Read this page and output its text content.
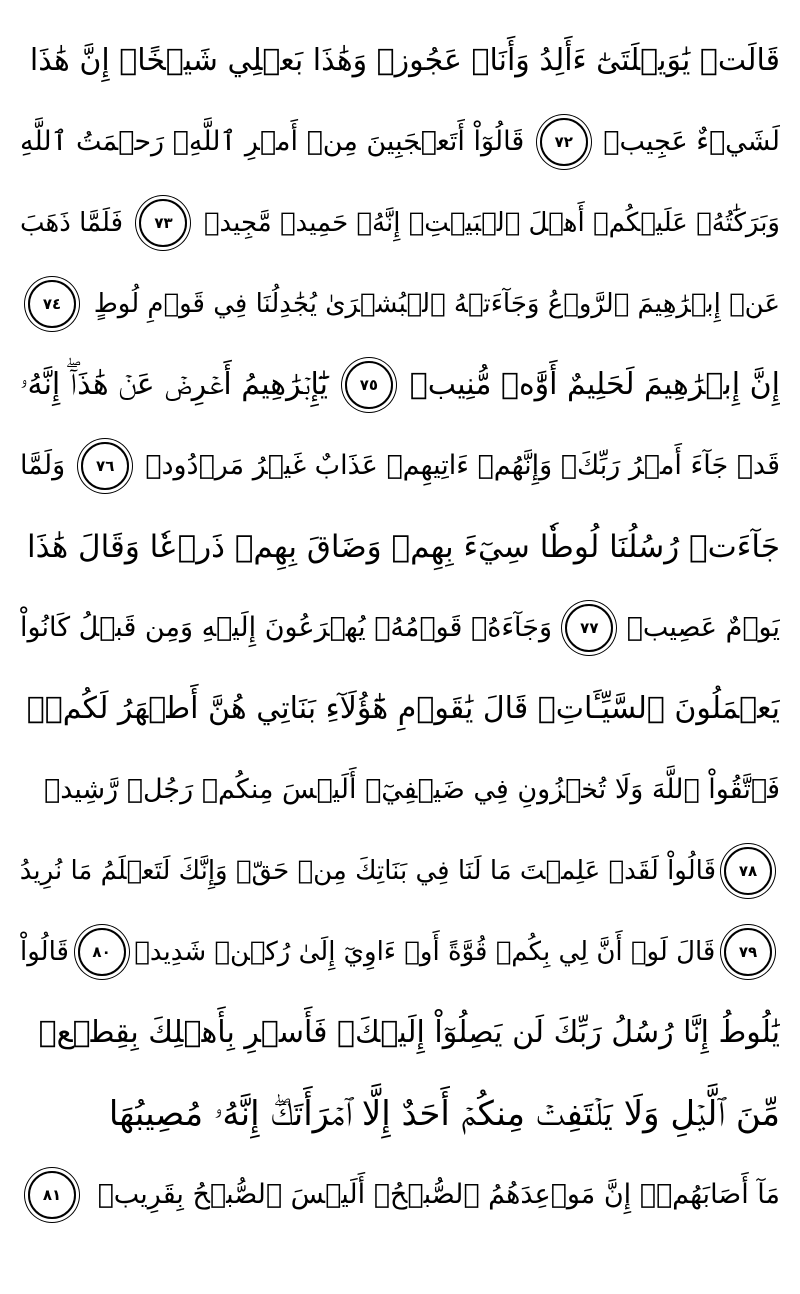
قَالَتۡ يَٰوَيۡلَتَىٰٓ ءَأَلِدُ وَأَنَا۠ عَجُوزٞ وَهَٰذَا بَعۡلِي شَيۡخًاۖ إِنَّ هَٰذَا
لَشَيۡءٌ عَجِيبٞ
٧٢
قَالُوٓاْ أَتَعۡجَبِينَ مِنۡ أَمۡرِ ٱللَّهِۖ رَحۡمَتُ ٱللَّهِ
وَبَرَكَٰتُهُۥ عَلَيۡكُمۡ أَهۡلَ ٱلۡبَيۡتِۚ إِنَّهُۥ حَمِيدٞ مَّجِيدٞ
٧٣
فَلَمَّا ذَهَبَ
عَنۡ إِبۡرَٰهِيمَ ٱلرَّوۡعُ وَجَآءَتۡهُ ٱلۡبُشۡرَىٰ يُجَٰدِلُنَا فِي قَوۡمِ لُوطٍ
٧٤
إِنَّ إِبۡرَٰهِيمَ لَحَلِيمٌ أَوَّٰهٞ مُّنِيبٞ
٧٥
يَٰٓإِبۡرَٰهِيمُ أَعۡرِضۡ عَنۡ هَٰذَآۖ إِنَّهُۥ
قَدۡ جَآءَ أَمۡرُ رَبِّكَۖ وَإِنَّهُمۡ ءَاتِيهِمۡ عَذَابٌ غَيۡرُ مَرۡدُودٖ
٧٦
وَلَمَّا
جَآءَتۡ رُسُلُنَا لُوطٗا سِيٓءَ بِهِمۡ وَضَاقَ بِهِمۡ ذَرۡعٗا وَقَالَ هَٰذَا
يَوۡمٌ عَصِيبٞ
٧٧
وَجَآءَهُۥ قَوۡمُهُۥ يُهۡرَعُونَ إِلَيۡهِ وَمِن قَبۡلُ كَانُواْ
يَعۡمَلُونَ ٱلسَّيِّـَٔاتِۚ قَالَ يَٰقَوۡمِ هَٰٓؤُلَآءِ بَنَاتِي هُنَّ أَطۡهَرُ لَكُمۡۖ
فَٱتَّقُواْ ٱللَّهَ وَلَا تُخۡزُونِ فِي ضَيۡفِيٓۖ أَلَيۡسَ مِنكُمۡ رَجُلٞ رَّشِيدٞ
٧٨
قَالُواْ لَقَدۡ عَلِمۡتَ مَا لَنَا فِي بَنَاتِكَ مِنۡ حَقّٖ وَإِنَّكَ لَتَعۡلَمُ مَا نُرِيدُ
٧٩
قَالَ لَوۡ أَنَّ لِي بِكُمۡ قُوَّةً أَوۡ ءَاوِيٓ إِلَىٰ رُكۡنٖ شَدِيدٖ
٨٠
قَالُواْ
يَٰلُوطُ إِنَّا رُسُلُ رَبِّكَ لَن يَصِلُوٓاْ إِلَيۡكَۖ فَأَسۡرِ بِأَهۡلِكَ بِقِطۡعٖ
مِّنَ ٱلَّيۡلِ وَلَا يَلۡتَفِتۡ مِنكُمۡ أَحَدٌ إِلَّا ٱمۡرَأَتَكَۖ إِنَّهُۥ مُصِيبُهَا
مَآ أَصَابَهُمۡۚ إِنَّ مَوۡعِدَهُمُ ٱلصُّبۡحُۚ أَلَيۡسَ ٱلصُّبۡحُ بِقَرِيبٖ
٨١
